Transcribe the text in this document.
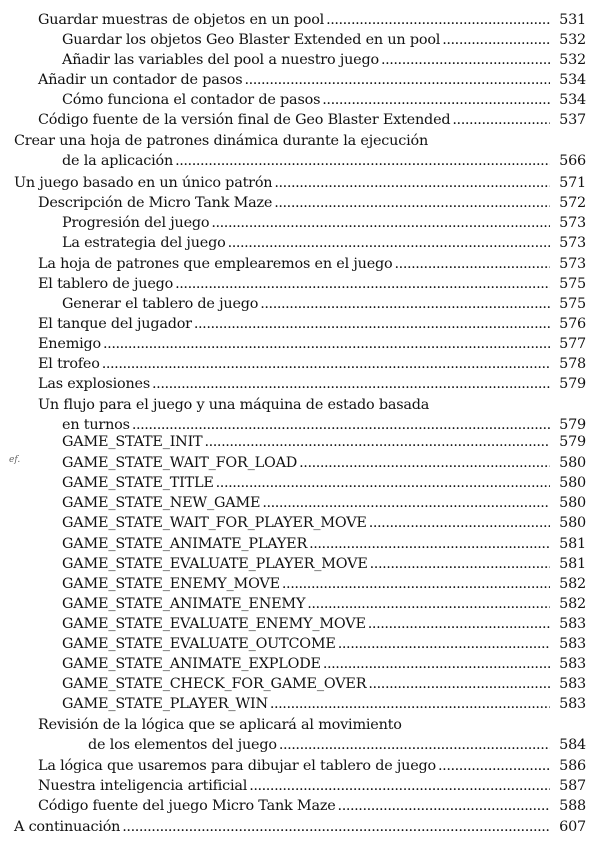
Guardar muestras de objetos en un pool . . .	531
Guardar los objetos Geo Blaster Extended en un pool . . .	532
Añadir las variables del pool a nuestro juego . . .	532
Añadir un contador de pasos . . .	534
Cómo funciona el contador de pasos . . .	534
Código fuente de la versión final de Geo Blaster Extended . . .	537
Crear una hoja de patrones dinámica durante la ejecución
de la aplicación . . .	566
Un juego basado en un único patrón . . .	571
Descripción de Micro Tank Maze . . .	572
Progresión del juego . . .	573
La estrategia del juego . . .	573
La hoja de patrones que emplearemos en el juego . . .	573
El tablero de juego . . .	575
Generar el tablero de juego . . .	575
El tanque del jugador . . .	576
Enemigo . . .	577
El trofeo . . .	578
Las explosiones . . .	579
Un flujo para el juego y una máquina de estado basada
en turnos . . .	579
GAME_STATE_INIT . . .	579
GAME_STATE_WAIT_FOR_LOAD . . .	580
GAME_STATE_TITLE . . .	580
GAME_STATE_NEW_GAME . . .	580
GAME_STATE_WAIT_FOR_PLAYER_MOVE . . .	580
GAME_STATE_ANIMATE_PLAYER . . .	581
GAME_STATE_EVALUATE_PLAYER_MOVE . . .	581
GAME_STATE_ENEMY_MOVE . . .	582
GAME_STATE_ANIMATE_ENEMY . . .	582
GAME_STATE_EVALUATE_ENEMY_MOVE . . .	583
GAME_STATE_EVALUATE_OUTCOME . . .	583
GAME_STATE_ANIMATE_EXPLODE . . .	583
GAME_STATE_CHECK_FOR_GAME_OVER . . .	583
GAME_STATE_PLAYER_WIN . . .	583
Revisión de la lógica que se aplicará al movimiento
de los elementos del juego . . .	584
La lógica que usaremos para dibujar el tablero de juego . . .	586
Nuestra inteligencia artificial . . .	587
Código fuente del juego Micro Tank Maze . . .	588
A continuación . . .	607
ef.
